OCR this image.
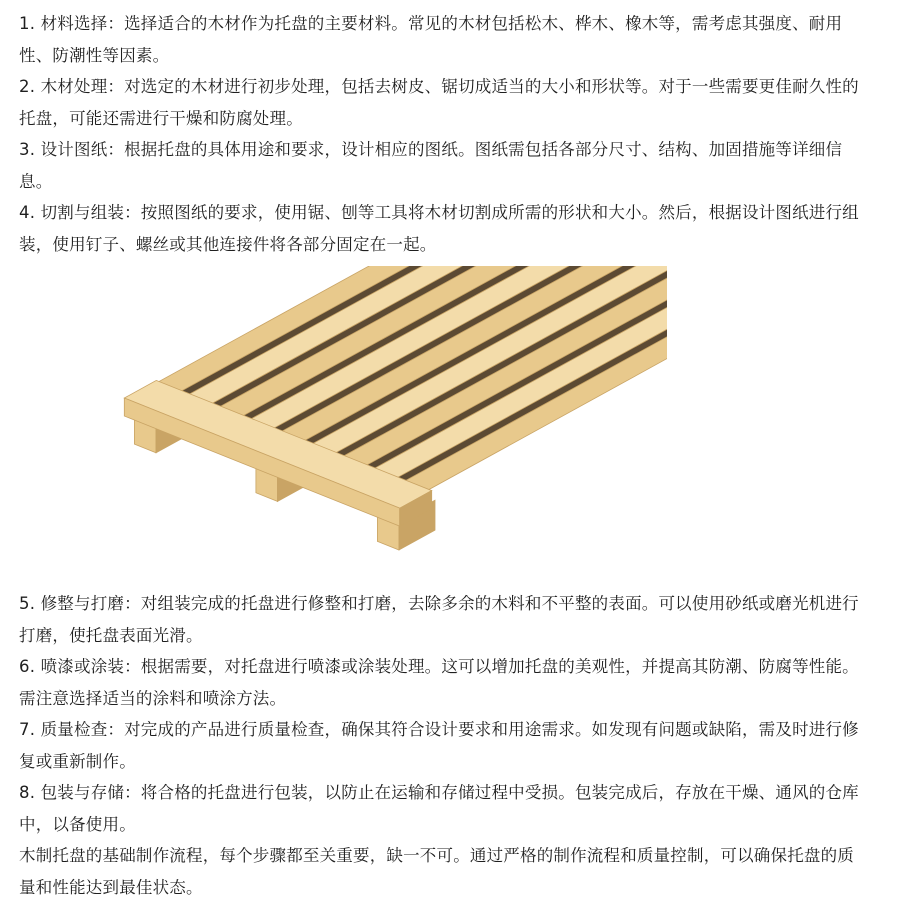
1. 材料选择：选择适合的木材作为托盘的主要材料。常见的木材包括松木、桦木、橡木等，需考虑其强度、耐用性、防潮性等因素。

2. 木材处理：对选定的木材进行初步处理，包括去树皮、锯切成适当的大小和形状等。对于一些需要更佳耐久性的托盘，可能还需进行干燥和防腐处理。

3. 设计图纸：根据托盘的具体用途和要求，设计相应的图纸。图纸需包括各部分尺寸、结构、加固措施等详细信息。

4. 切割与组装：按照图纸的要求，使用锯、刨等工具将木材切割成所需的形状和大小。然后，根据设计图纸进行组装，使用钉子、螺丝或其他连接件将各部分固定在一起。

5. 修整与打磨：对组装完成的托盘进行修整和打磨，去除多余的木料和不平整的表面。可以使用砂纸或磨光机进行打磨，使托盘表面光滑。

6. 喷漆或涂装：根据需要，对托盘进行喷漆或涂装处理。这可以增加托盘的美观性，并提高其防潮、防腐等性能。需注意选择适当的涂料和喷涂方法。

7. 质量检查：对完成的产品进行质量检查，确保其符合设计要求和用途需求。如发现有问题或缺陷，需及时进行修复或重新制作。

8. 包装与存储：将合格的托盘进行包装，以防止在运输和存储过程中受损。包装完成后，存放在干燥、通风的仓库中，以备使用。

木制托盘的基础制作流程，每个步骤都至关重要，缺一不可。通过严格的制作流程和质量控制，可以确保托盘的质量和性能达到最佳状态。
